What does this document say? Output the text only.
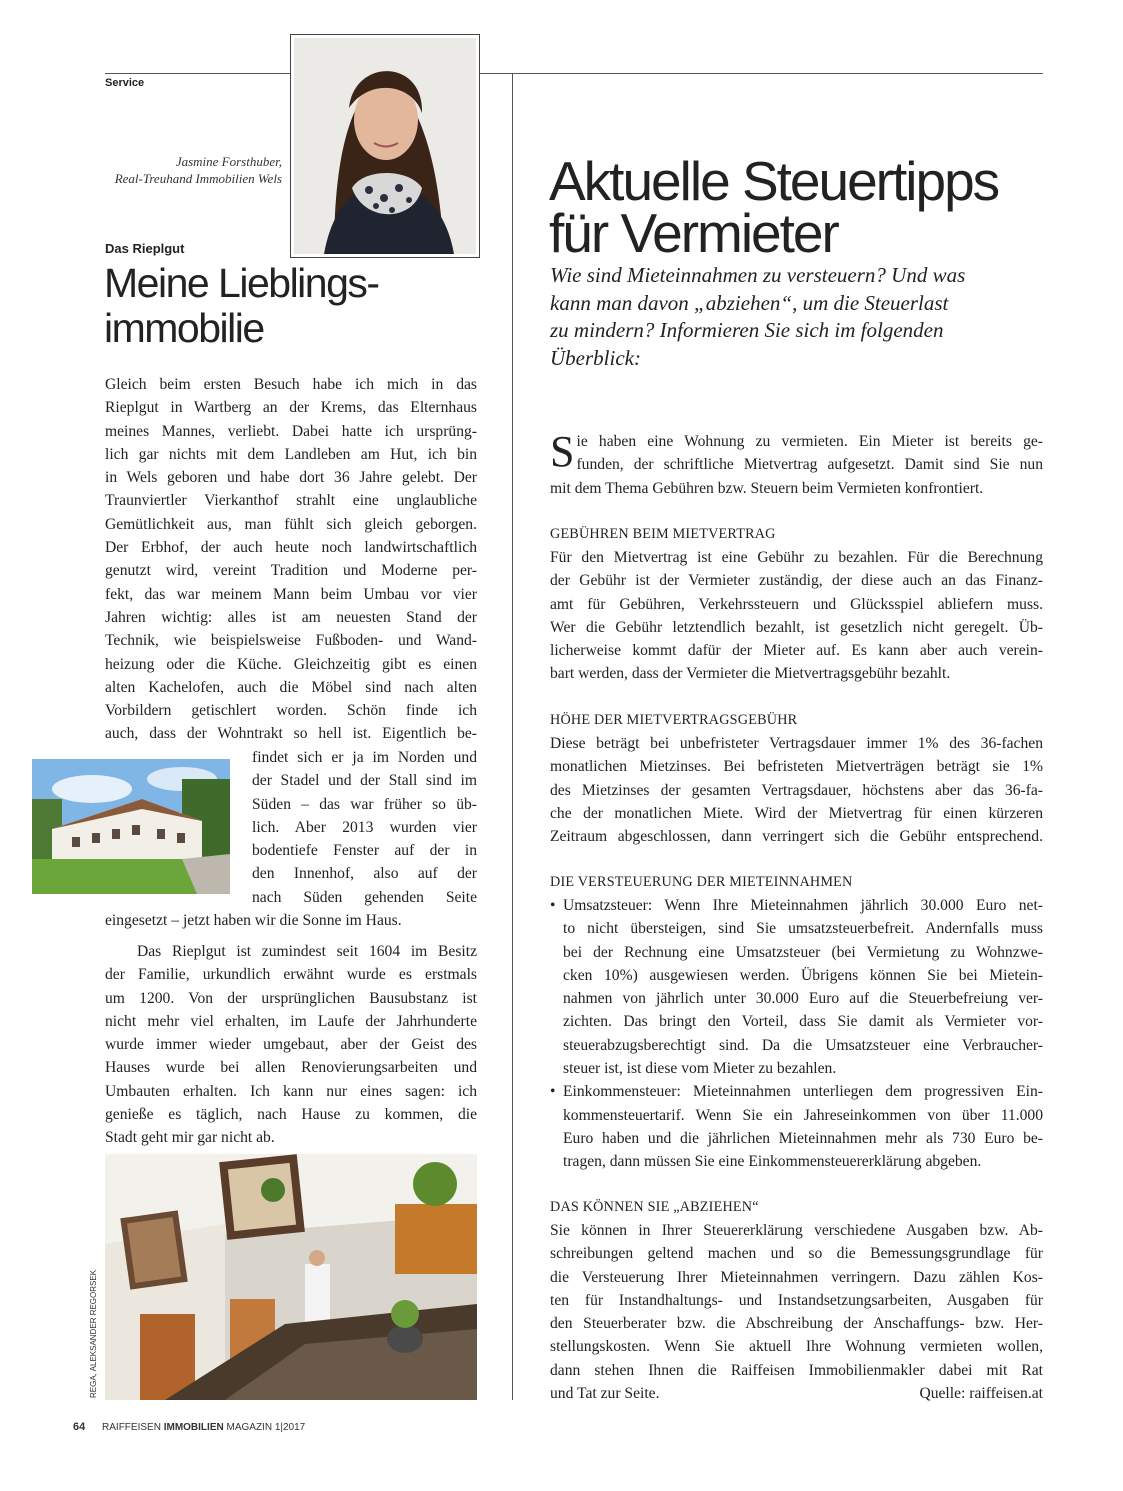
Service
Jasmine Forsthuber,
Real-Treuhand Immobilien Wels
Das Rieplgut
Meine Lieblings-
immobilie
Gleich beim ersten Besuch habe ich mich in das
Rieplgut in Wartberg an der Krems, das Elternhaus
meines Mannes, verliebt. Dabei hatte ich ursprüng-
lich gar nichts mit dem Landleben am Hut, ich bin
in Wels geboren und habe dort 36 Jahre gelebt. Der
Traunviertler Vierkanthof strahlt eine unglaubliche
Gemütlichkeit aus, man fühlt sich gleich geborgen.
Der Erbhof, der auch heute noch landwirtschaftlich
genutzt wird, vereint Tradition und Moderne per-
fekt, das war meinem Mann beim Umbau vor vier
Jahren wichtig: alles ist am neuesten Stand der
Technik, wie beispielsweise Fußboden- und Wand-
heizung oder die Küche. Gleichzeitig gibt es einen
alten Kachelofen, auch die Möbel sind nach alten
Vorbildern getischlert worden. Schön finde ich
auch, dass der Wohntrakt so hell ist. Eigentlich be-
findet sich er ja im Norden und
der Stadel und der Stall sind im
Süden – das war früher so üb-
lich. Aber 2013 wurden vier
bodentiefe Fenster auf der in
den Innenhof, also auf der
nach Süden gehenden Seite
eingesetzt – jetzt haben wir die Sonne im Haus.
Das Rieplgut ist zumindest seit 1604 im Besitz
der Familie, urkundlich erwähnt wurde es erstmals
um 1200. Von der ursprünglichen Bausubstanz ist
nicht mehr viel erhalten, im Laufe der Jahrhunderte
wurde immer wieder umgebaut, aber der Geist des
Hauses wurde bei allen Renovierungsarbeiten und
Umbauten erhalten. Ich kann nur eines sagen: ich
genieße es täglich, nach Hause zu kommen, die
Stadt geht mir gar nicht ab.
REGA, ALEKSANDER REGORSEK
Aktuelle Steuertipps
für Vermieter
Wie sind Mieteinnahmen zu versteuern? Und was
kann man davon „abziehen“, um die Steuerlast
zu mindern? Informieren Sie sich im folgenden
Überblick:
S ie haben eine Wohnung zu vermieten. Ein Mieter ist bereits ge-
funden, der schriftliche Mietvertrag aufgesetzt. Damit sind Sie nun
mit dem Thema Gebühren bzw. Steuern beim Vermieten konfrontiert.
GEBÜHREN BEIM MIETVERTRAG
Für den Mietvertrag ist eine Gebühr zu bezahlen. Für die Berechnung
der Gebühr ist der Vermieter zuständig, der diese auch an das Finanz-
amt für Gebühren, Verkehrssteuern und Glücksspiel abliefern muss.
Wer die Gebühr letztendlich bezahlt, ist gesetzlich nicht geregelt. Üb-
licherweise kommt dafür der Mieter auf. Es kann aber auch verein-
bart werden, dass der Vermieter die Mietvertragsgebühr bezahlt.
HÖHE DER MIETVERTRAGSGEBÜHR
Diese beträgt bei unbefristeter Vertragsdauer immer 1% des 36-fachen
monatlichen Mietzinses. Bei befristeten Mietverträgen beträgt sie 1%
des Mietzinses der gesamten Vertragsdauer, höchstens aber das 36-fa-
che der monatlichen Miete. Wird der Mietvertrag für einen kürzeren
Zeitraum abgeschlossen, dann verringert sich die Gebühr entsprechend.
DIE VERSTEUERUNG DER MIETEINNAHMEN
• Umsatzsteuer: Wenn Ihre Mieteinnahmen jährlich 30.000 Euro net-
to nicht übersteigen, sind Sie umsatzsteuerbefreit. Andernfalls muss
bei der Rechnung eine Umsatzsteuer (bei Vermietung zu Wohnzwe-
cken 10%) ausgewiesen werden. Übrigens können Sie bei Mietein-
nahmen von jährlich unter 30.000 Euro auf die Steuerbefreiung ver-
zichten. Das bringt den Vorteil, dass Sie damit als Vermieter vor-
steuerabzugsberechtigt sind. Da die Umsatzsteuer eine Verbraucher-
steuer ist, ist diese vom Mieter zu bezahlen.
• Einkommensteuer: Mieteinnahmen unterliegen dem progressiven Ein-
kommensteuertarif. Wenn Sie ein Jahreseinkommen von über 11.000
Euro haben und die jährlichen Mieteinnahmen mehr als 730 Euro be-
tragen, dann müssen Sie eine Einkommensteuererklärung abgeben.
DAS KÖNNEN SIE „ABZIEHEN“
Sie können in Ihrer Steuererklärung verschiedene Ausgaben bzw. Ab-
schreibungen geltend machen und so die Bemessungsgrundlage für
die Versteuerung Ihrer Mieteinnahmen verringern. Dazu zählen Kos-
ten für Instandhaltungs- und Instandsetzungsarbeiten, Ausgaben für
den Steuerberater bzw. die Abschreibung der Anschaffungs- bzw. Her-
stellungskosten. Wenn Sie aktuell Ihre Wohnung vermieten wollen,
dann stehen Ihnen die Raiffeisen Immobilienmakler dabei mit Rat
und Tat zur Seite.	Quelle: raiffeisen.at
64 RAIFFEISEN IMMOBILIEN MAGAZIN 1|2017
